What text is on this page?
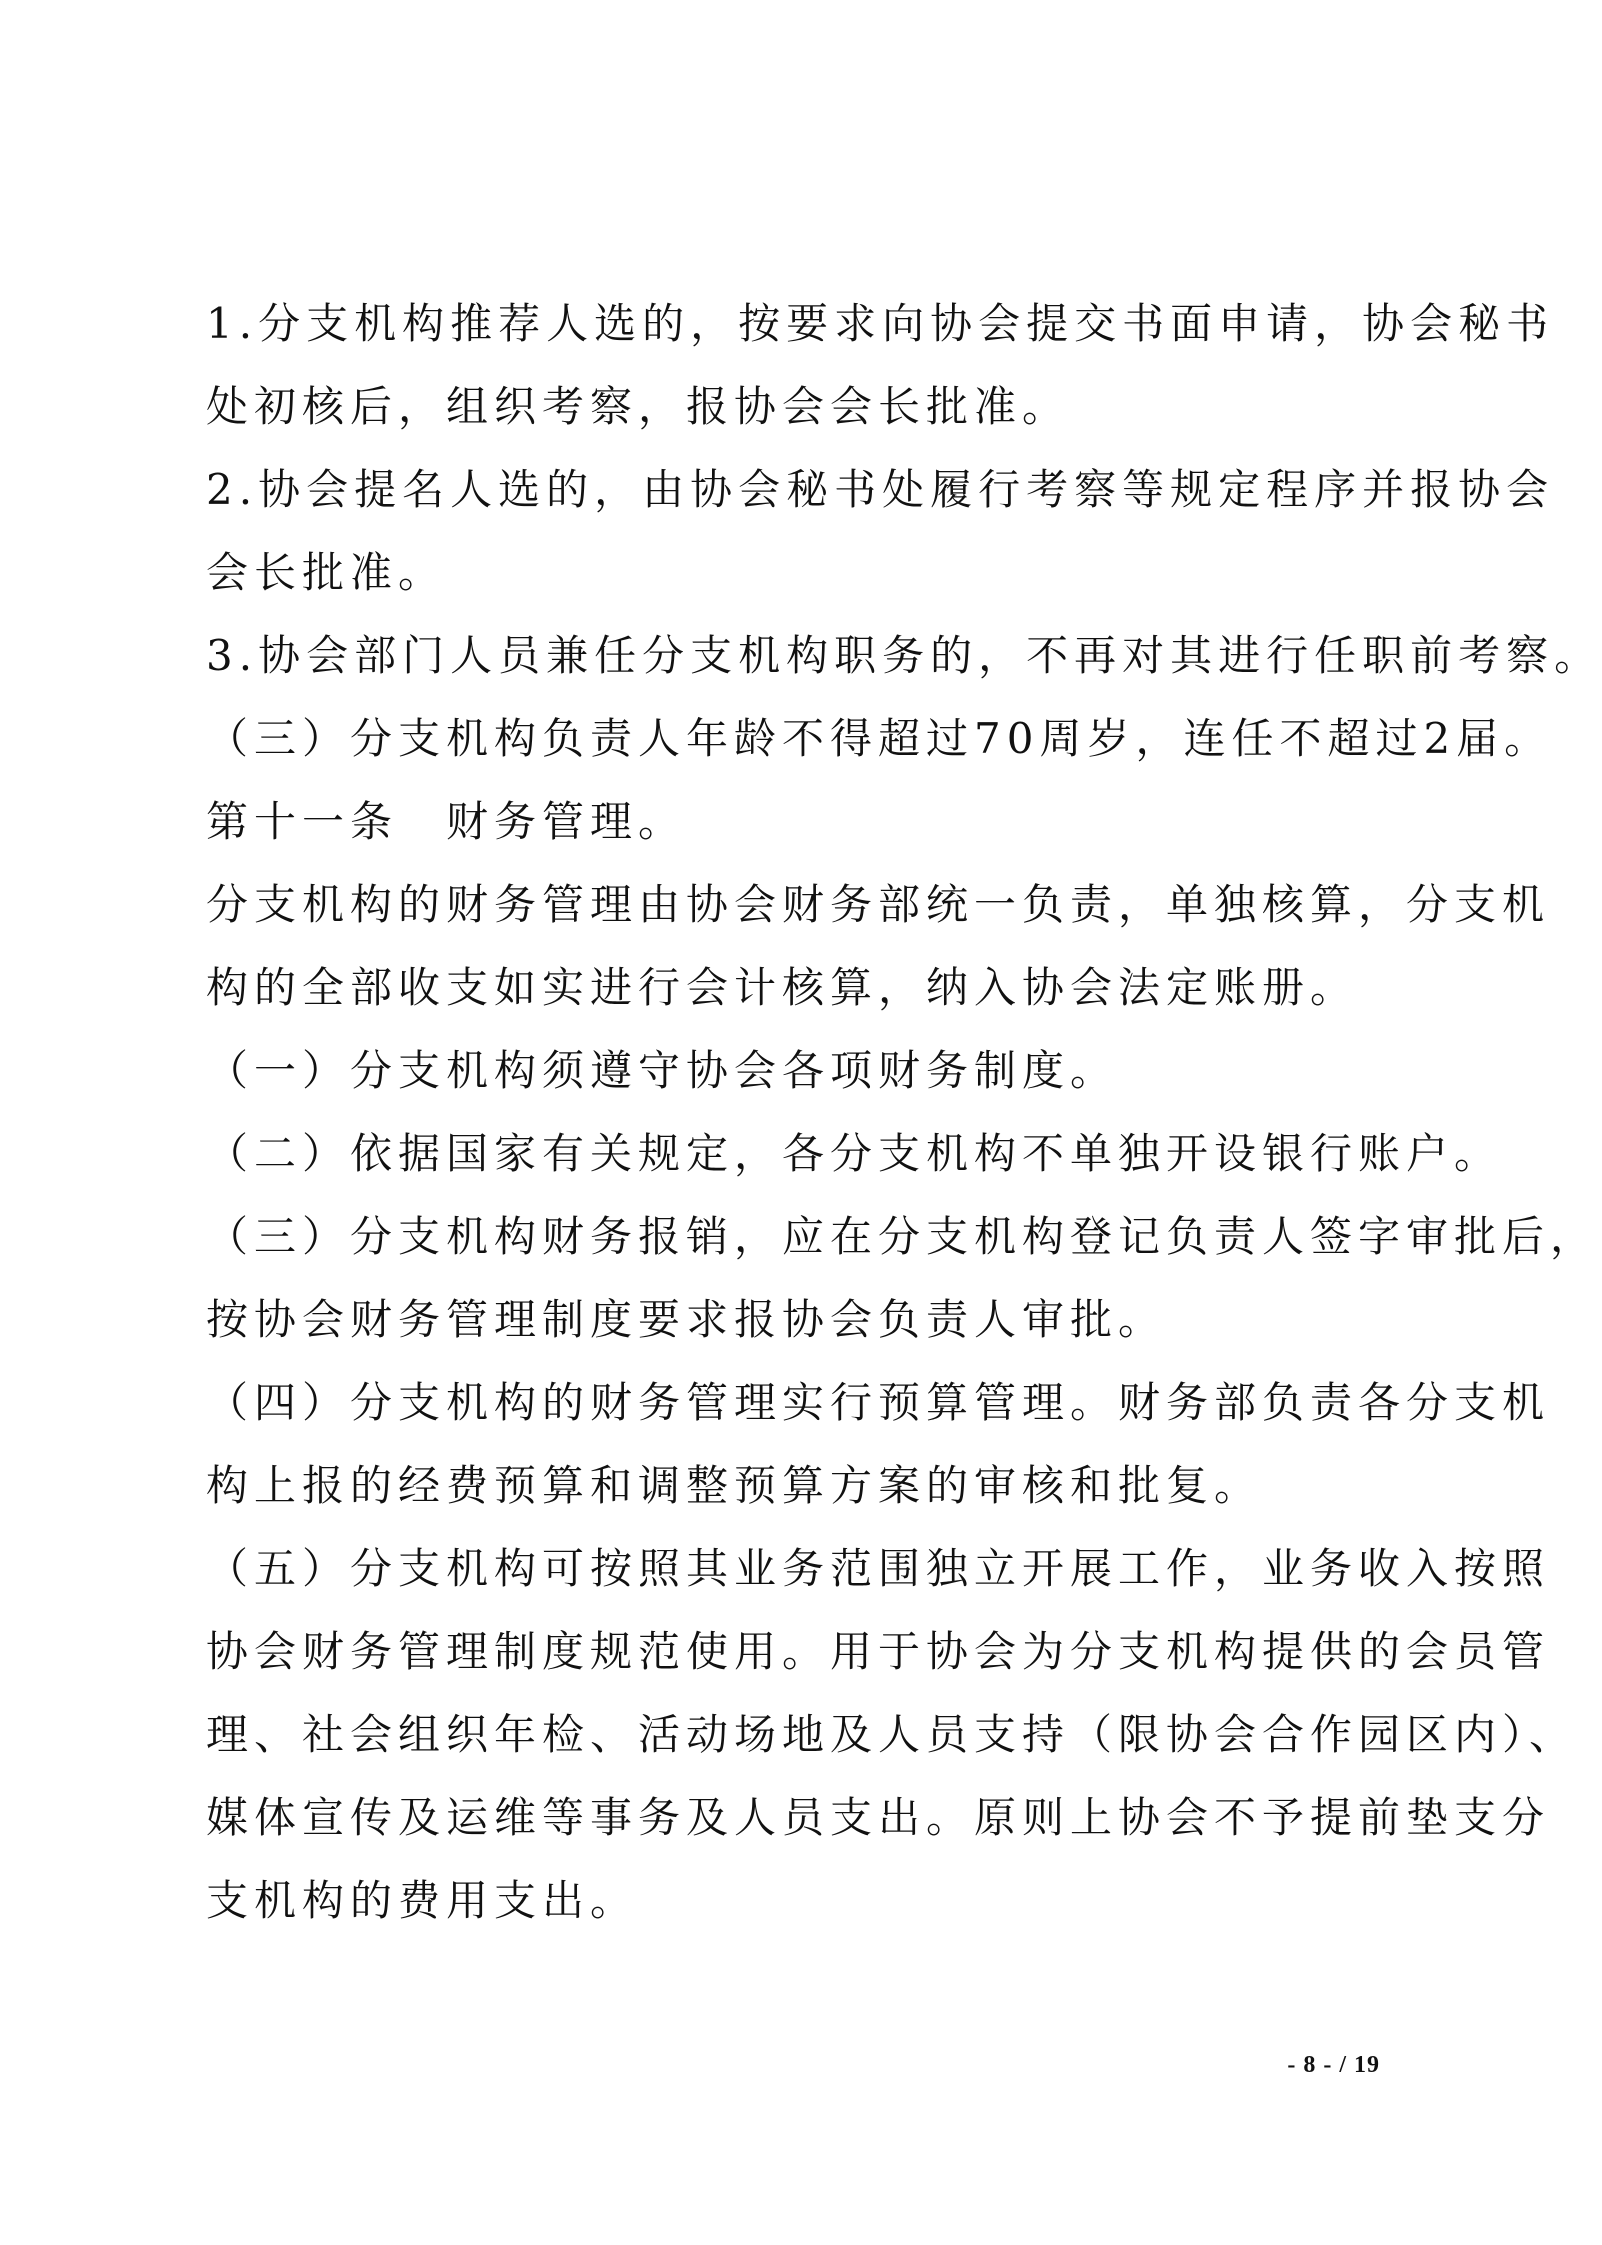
1.分支机构推荐人选的，按要求向协会提交书面申请，协会秘书
处初核后，组织考察，报协会会长批准。
2.协会提名人选的，由协会秘书处履行考察等规定程序并报协会
会长批准。
3.协会部门人员兼任分支机构职务的，不再对其进行任职前考察。
（三）分支机构负责人年龄不得超过70周岁，连任不超过2届。
第十一条　财务管理。
分支机构的财务管理由协会财务部统一负责，单独核算，分支机
构的全部收支如实进行会计核算，纳入协会法定账册。
（一）分支机构须遵守协会各项财务制度。
（二）依据国家有关规定，各分支机构不单独开设银行账户。
（三）分支机构财务报销，应在分支机构登记负责人签字审批后，
按协会财务管理制度要求报协会负责人审批。
（四）分支机构的财务管理实行预算管理。财务部负责各分支机
构上报的经费预算和调整预算方案的审核和批复。
（五）分支机构可按照其业务范围独立开展工作，业务收入按照
协会财务管理制度规范使用。用于协会为分支机构提供的会员管
理、社会组织年检、活动场地及人员支持（限协会合作园区内）、
媒体宣传及运维等事务及人员支出。原则上协会不予提前垫支分
支机构的费用支出。
- 8 - / 19
